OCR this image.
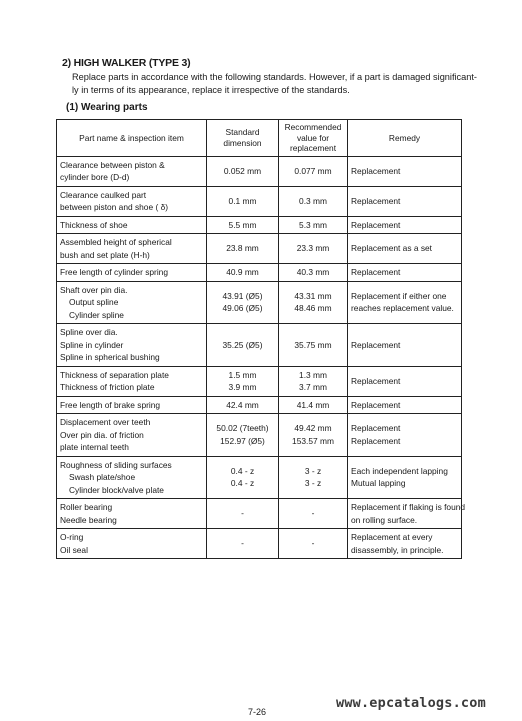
2) HIGH WALKER (TYPE 3)
Replace parts in accordance with the following standards. However, if a part is damaged significant-
ly in terms of its appearance, replace it irrespective of the standards.
(1) Wearing parts
Part name & inspection item	Standard
dimension	Recommended
value for
replacement	Remedy

Clearance between piston &
cylinder bore (D-d)	0.052 mm	0.077 mm	Replacement

Clearance caulked part
between piston and shoe ( δ)	0.1 mm	0.3 mm	Replacement

Thickness of shoe	5.5 mm	5.3 mm	Replacement

Assembled height of spherical
bush and set plate (H-h)	23.8 mm	23.3 mm	Replacement as a set

Free length of cylinder spring	40.9 mm	40.3 mm	Replacement

Shaft over pin dia.
Output spline
Cylinder spline	43.91 (Ø5)
49.06 (Ø5)	43.31 mm
48.46 mm	Replacement if either one
reaches replacement value.

Spline over dia.
Spline in cylinder
Spline in spherical bushing	35.25 (Ø5)	35.75 mm	Replacement

Thickness of separation plate
Thickness of friction plate	1.5 mm
3.9 mm	1.3 mm
3.7 mm	Replacement

Free length of brake spring	42.4 mm	41.4 mm	Replacement

Displacement over teeth
Over pin dia. of friction
plate internal teeth	50.02 (7teeth)
152.97 (Ø5)	49.42 mm
153.57 mm	Replacement
Replacement

Roughness of sliding surfaces
Swash plate/shoe
Cylinder block/valve plate	0.4 - z
0.4 - z	3 - z
3 - z	Each independent lapping
Mutual lapping

Roller bearing
Needle bearing	-	-	Replacement if flaking is found
on rolling surface.

O-ring
Oil seal	-	-	Replacement at every
disassembly, in principle.
7-26
www.epcatalogs.com
